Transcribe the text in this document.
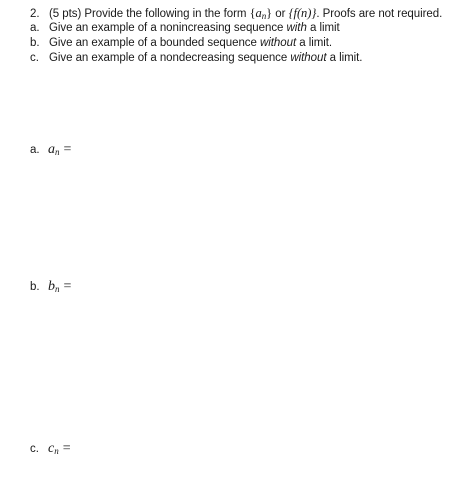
2. (5 pts) Provide the following in the form $\{a_n\}$ or {f(n)}. Proofs are not required.
a. Give an example of a nonincreasing sequence with a limit
b. Give an example of a bounded sequence without a limit.
c. Give an example of a nondecreasing sequence without a limit.
a. $a_n$ =
b. $b_n$ =
c. $c_n$ =
